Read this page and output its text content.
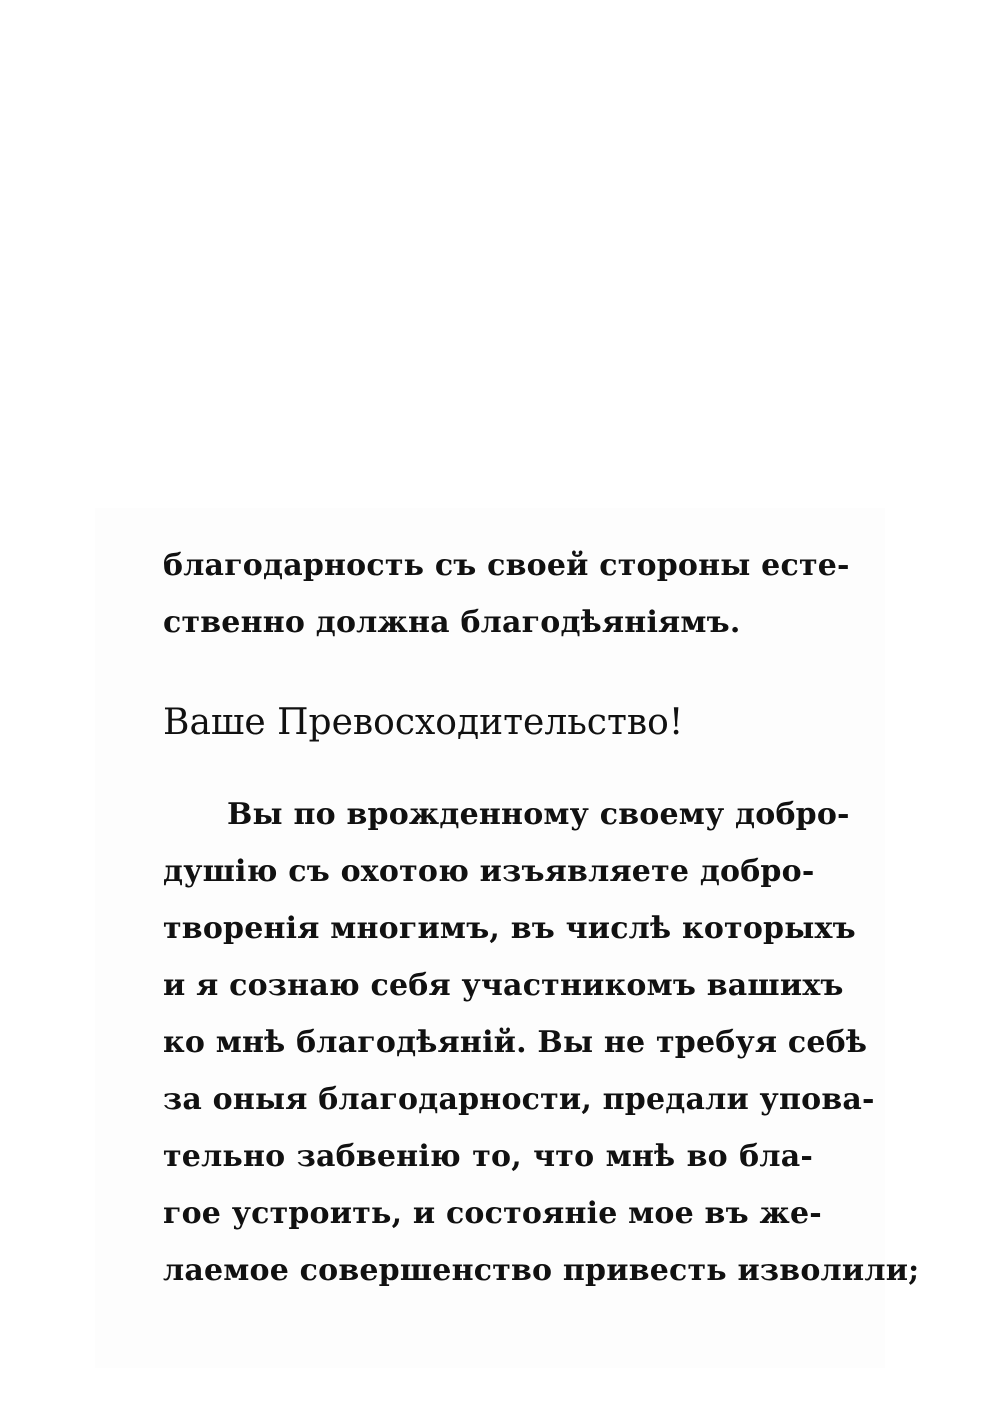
благодарность съ своей стороны есте-
ственно должна благодѣяніямъ.
Ваше Превосходительство!
Вы по врожденному своему добро-
душію съ охотою изъявляете добро-
творенія многимъ, въ числѣ которыхъ
и я сознаю себя участникомъ вашихъ
ко мнѣ благодѣяній. Вы не требуя себѣ
за оныя благодарности, предали упова-
тельно забвенію то, что мнѣ во бла-
гое устроить, и состояніе мое въ же-
лаемое совершенство привесть изволили;
